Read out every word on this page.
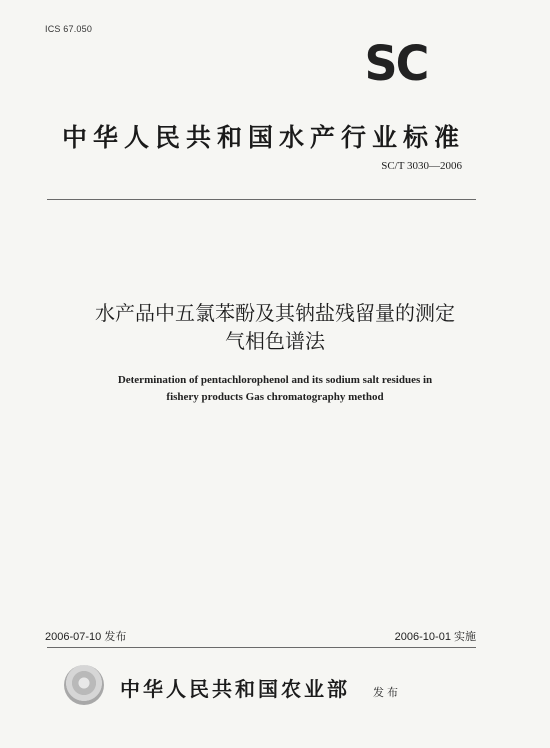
ICS 67.050
SC
中华人民共和国水产行业标准
SC/T 3030—2006
水产品中五氯苯酚及其钠盐残留量的测定
气相色谱法
Determination of pentachlorophenol and its sodium salt residues in
fishery products Gas chromatography method
2006-07-10 发布	2006-10-01 实施
中华人民共和国农业部 发布
